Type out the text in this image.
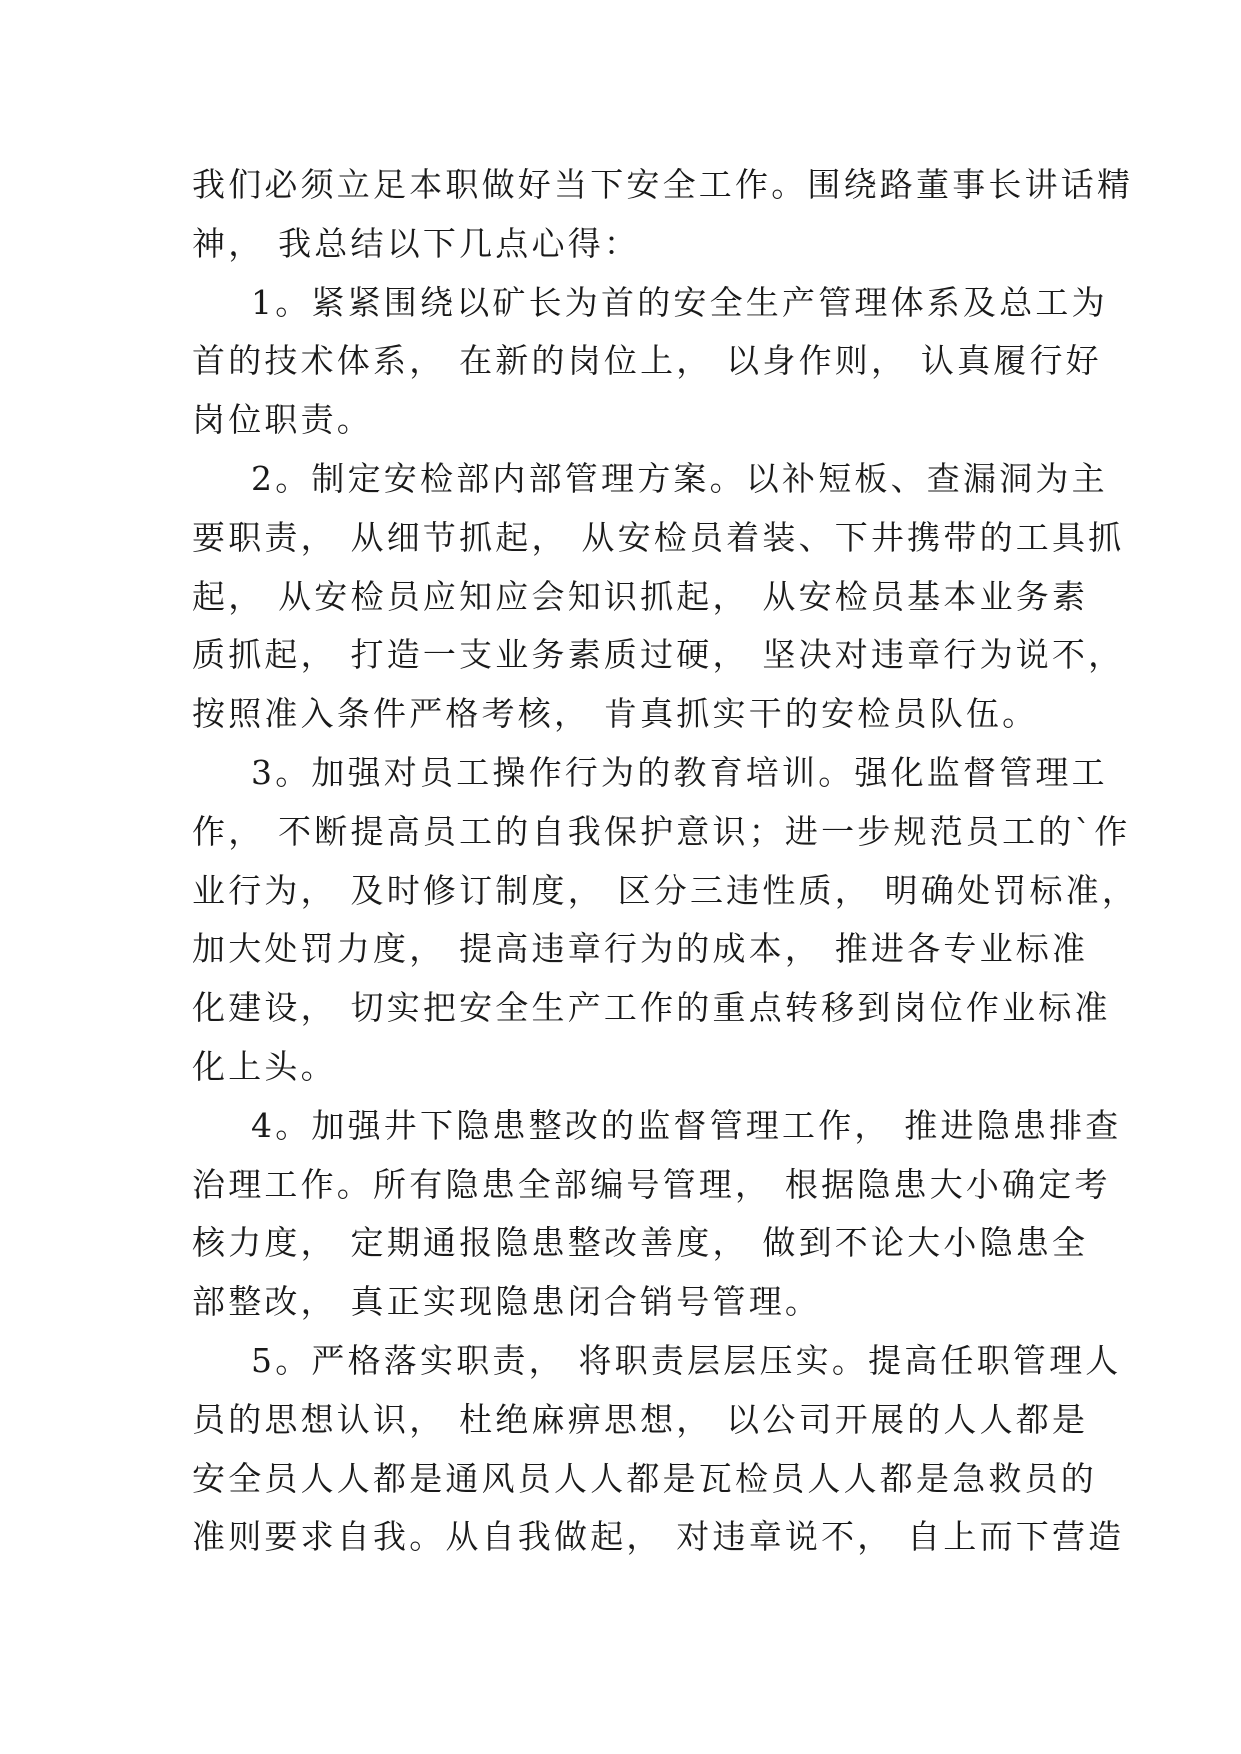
我们必须立足本职做好当下安全工作。围绕路董事长讲话精
神， 我总结以下几点心得：
1。紧紧围绕以矿长为首的安全生产管理体系及总工为
首的技术体系， 在新的岗位上， 以身作则， 认真履行好
岗位职责。
2。制定安检部内部管理方案。以补短板、查漏洞为主
要职责， 从细节抓起， 从安检员着装、下井携带的工具抓
起， 从安检员应知应会知识抓起， 从安检员基本业务素
质抓起， 打造一支业务素质过硬， 坚决对违章行为说不，
按照准入条件严格考核， 肯真抓实干的安检员队伍。
3。加强对员工操作行为的教育培训。强化监督管理工
作， 不断提高员工的自我保护意识；进一步规范员工的`作
业行为， 及时修订制度， 区分三违性质， 明确处罚标准，
加大处罚力度， 提高违章行为的成本， 推进各专业标准
化建设， 切实把安全生产工作的重点转移到岗位作业标准
化上头。
4。加强井下隐患整改的监督管理工作， 推进隐患排查
治理工作。所有隐患全部编号管理， 根据隐患大小确定考
核力度， 定期通报隐患整改善度， 做到不论大小隐患全
部整改， 真正实现隐患闭合销号管理。
5。严格落实职责， 将职责层层压实。提高任职管理人
员的思想认识， 杜绝麻痹思想， 以公司开展的人人都是
安全员人人都是通风员人人都是瓦检员人人都是急救员的
准则要求自我。从自我做起， 对违章说不， 自上而下营造
